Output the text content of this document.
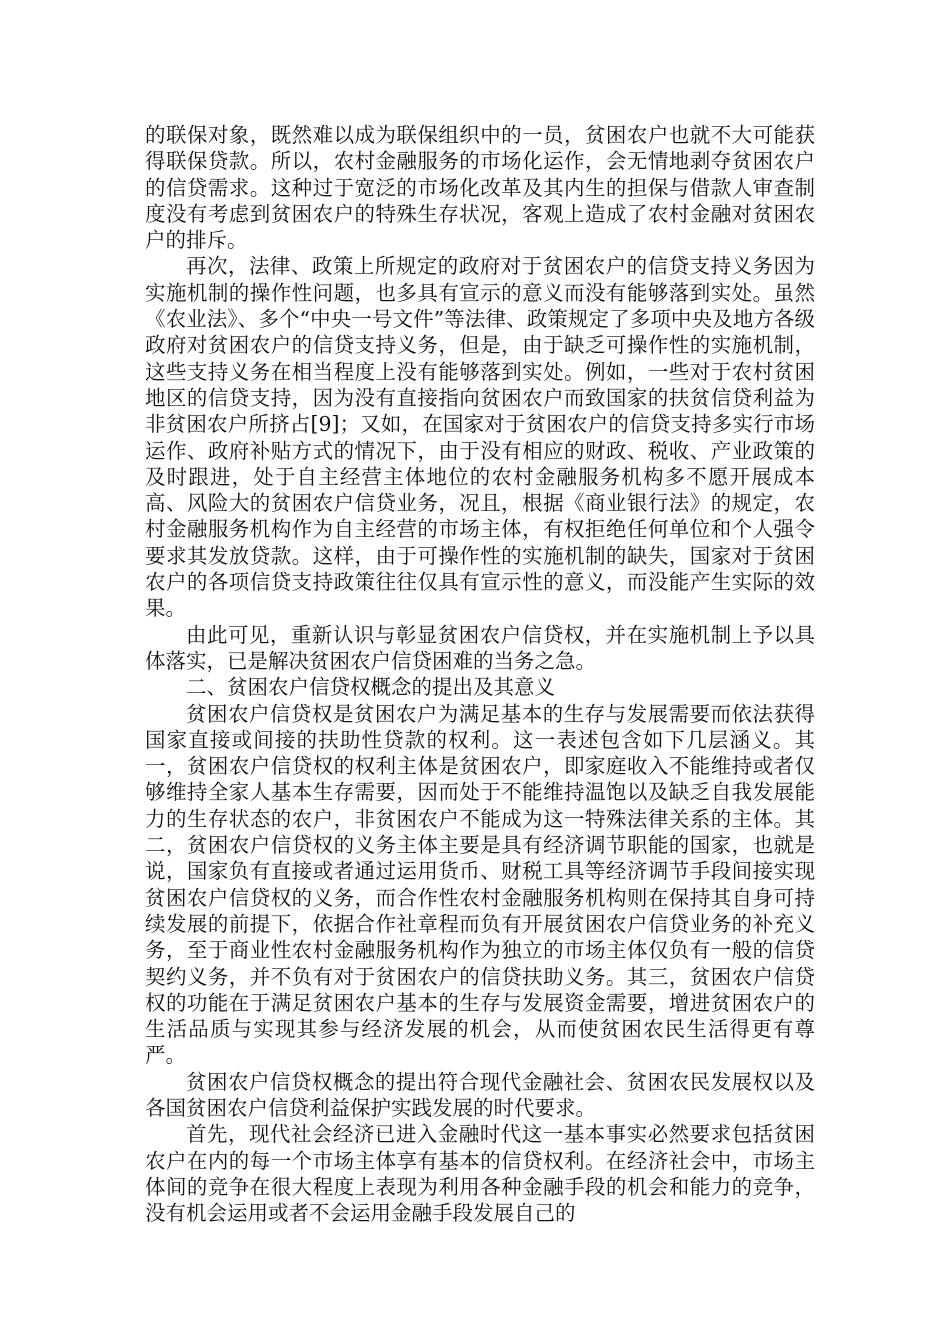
的联保对象，既然难以成为联保组织中的一员，贫困农户也就不大可能获得联保贷款。所以，农村金融服务的市场化运作，会无情地剥夺贫困农户的信贷需求。这种过于宽泛的市场化改革及其内生的担保与借款人审查制度没有考虑到贫困农户的特殊生存状况，客观上造成了农村金融对贫困农户的排斥。

再次，法律、政策上所规定的政府对于贫困农户的信贷支持义务因为实施机制的操作性问题，也多具有宣示的意义而没有能够落到实处。虽然《农业法》、多个“中央一号文件”等法律、政策规定了多项中央及地方各级政府对贫困农户的信贷支持义务，但是，由于缺乏可操作性的实施机制，这些支持义务在相当程度上没有能够落到实处。例如，一些对于农村贫困地区的信贷支持，因为没有直接指向贫困农户而致国家的扶贫信贷利益为非贫困农户所挤占[9]；又如，在国家对于贫困农户的信贷支持多实行市场运作、政府补贴方式的情况下，由于没有相应的财政、税收、产业政策的及时跟进，处于自主经营主体地位的农村金融服务机构多不愿开展成本高、风险大的贫困农户信贷业务，况且，根据《商业银行法》的规定，农村金融服务机构作为自主经营的市场主体，有权拒绝任何单位和个人强令要求其发放贷款。这样，由于可操作性的实施机制的缺失，国家对于贫困农户的各项信贷支持政策往往仅具有宣示性的意义，而没能产生实际的效果。

由此可见，重新认识与彰显贫困农户信贷权，并在实施机制上予以具体落实，已是解决贫困农户信贷困难的当务之急。

二、贫困农户信贷权概念的提出及其意义

贫困农户信贷权是贫困农户为满足基本的生存与发展需要而依法获得国家直接或间接的扶助性贷款的权利。这一表述包含如下几层涵义。其一，贫困农户信贷权的权利主体是贫困农户，即家庭收入不能维持或者仅够维持全家人基本生存需要，因而处于不能维持温饱以及缺乏自我发展能力的生存状态的农户，非贫困农户不能成为这一特殊法律关系的主体。其二，贫困农户信贷权的义务主体主要是具有经济调节职能的国家，也就是说，国家负有直接或者通过运用货币、财税工具等经济调节手段间接实现贫困农户信贷权的义务，而合作性农村金融服务机构则在保持其自身可持续发展的前提下，依据合作社章程而负有开展贫困农户信贷业务的补充义务，至于商业性农村金融服务机构作为独立的市场主体仅负有一般的信贷契约义务，并不负有对于贫困农户的信贷扶助义务。其三，贫困农户信贷权的功能在于满足贫困农户基本的生存与发展资金需要，增进贫困农户的生活品质与实现其参与经济发展的机会，从而使贫困农民生活得更有尊严。

贫困农户信贷权概念的提出符合现代金融社会、贫困农民发展权以及各国贫困农户信贷利益保护实践发展的时代要求。

首先，现代社会经济已进入金融时代这一基本事实必然要求包括贫困农户在内的每一个市场主体享有基本的信贷权利。在经济社会中，市场主体间的竞争在很大程度上表现为利用各种金融手段的机会和能力的竞争，没有机会运用或者不会运用金融手段发展自己的
